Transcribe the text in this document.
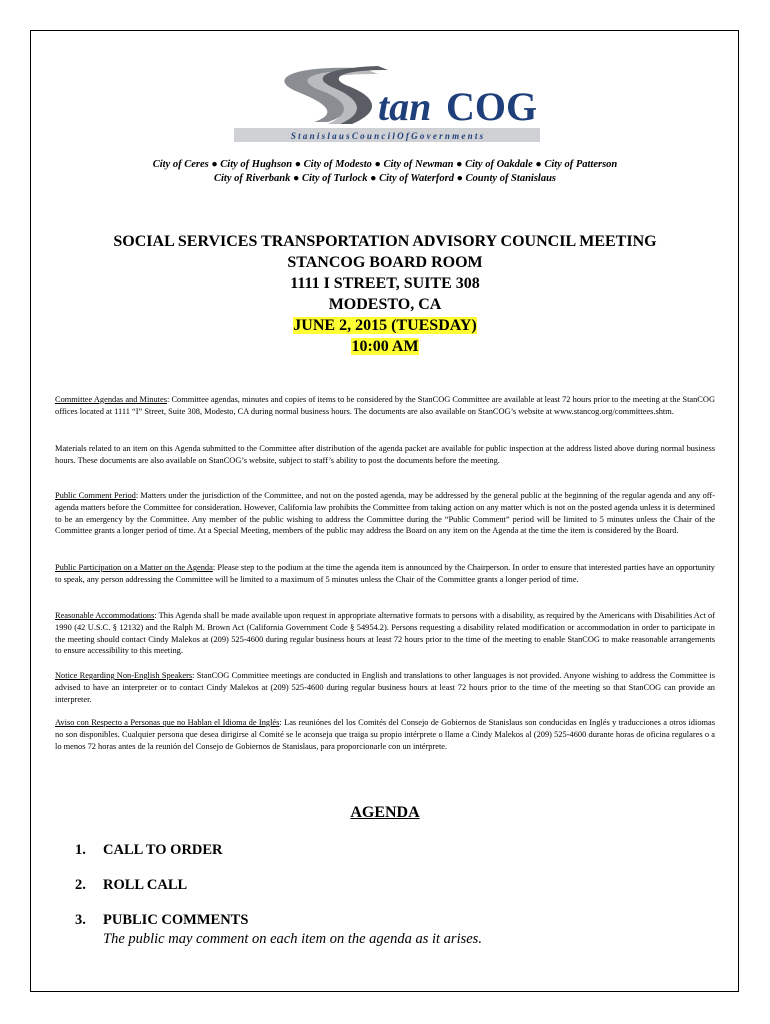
S t a n i s l a u s C o u n c i l O f G o v e r n m e n t s
tan COG
City of Ceres ● City of Hughson ● City of Modesto ● City of Newman ● City of Oakdale ● City of Patterson
City of Riverbank ● City of Turlock ● City of Waterford ● County of Stanislaus
SOCIAL SERVICES TRANSPORTATION ADVISORY COUNCIL MEETING
STANCOG BOARD ROOM
1111 I STREET, SUITE 308
MODESTO, CA
JUNE 2, 2015 (TUESDAY)
10:00 AM

Committee Agendas and Minutes: Committee agendas, minutes and copies of items to be considered by the StanCOG Committee are available at least 72 hours prior to the meeting at the StanCOG offices located at 1111 “I” Street, Suite 308, Modesto, CA during normal business hours. The documents are also available on StanCOG’s website at www.stancog.org/committees.shtm.

Materials related to an item on this Agenda submitted to the Committee after distribution of the agenda packet are available for public inspection at the address listed above during normal business hours. These documents are also available on StanCOG’s website, subject to staff’s ability to post the documents before the meeting.

Public Comment Period: Matters under the jurisdiction of the Committee, and not on the posted agenda, may be addressed by the general public at the beginning of the regular agenda and any off-agenda matters before the Committee for consideration. However, California law prohibits the Committee from taking action on any matter which is not on the posted agenda unless it is determined to be an emergency by the Committee. Any member of the public wishing to address the Committee during the “Public Comment” period will be limited to 5 minutes unless the Chair of the Committee grants a longer period of time. At a Special Meeting, members of the public may address the Board on any item on the Agenda at the time the item is considered by the Board.

Public Participation on a Matter on the Agenda: Please step to the podium at the time the agenda item is announced by the Chairperson. In order to ensure that interested parties have an opportunity to speak, any person addressing the Committee will be limited to a maximum of 5 minutes unless the Chair of the Committee grants a longer period of time.

Reasonable Accommodations: This Agenda shall be made available upon request in appropriate alternative formats to persons with a disability, as required by the Americans with Disabilities Act of 1990 (42 U.S.C. § 12132) and the Ralph M. Brown Act (California Government Code § 54954.2). Persons requesting a disability related modification or accommodation in order to participate in the meeting should contact Cindy Malekos at (209) 525-4600 during regular business hours at least 72 hours prior to the time of the meeting to enable StanCOG to make reasonable arrangements to ensure accessibility to this meeting.

Notice Regarding Non-English Speakers: StanCOG Committee meetings are conducted in English and translations to other languages is not provided. Anyone wishing to address the Committee is advised to have an interpreter or to contact Cindy Malekos at (209) 525-4600 during regular business hours at least 72 hours prior to the time of the meeting so that StanCOG can provide an interpreter.

Aviso con Respecto a Personas que no Hablan el Idioma de Inglés: Las reuniónes del los Comités del Consejo de Gobiernos de Stanislaus son conducidas en Inglés y traducciones a otros idiomas no son disponibles. Cualquier persona que desea dirigirse al Comité se le aconseja que traiga su propio intérprete o llame a Cindy Malekos al (209) 525-4600 durante horas de oficina regulares o a lo menos 72 horas antes de la reunión del Consejo de Gobiernos de Stanislaus, para proporcionarle con un intérprete.

AGENDA
1. CALL TO ORDER
2. ROLL CALL
3. PUBLIC COMMENTS
The public may comment on each item on the agenda as it arises.
